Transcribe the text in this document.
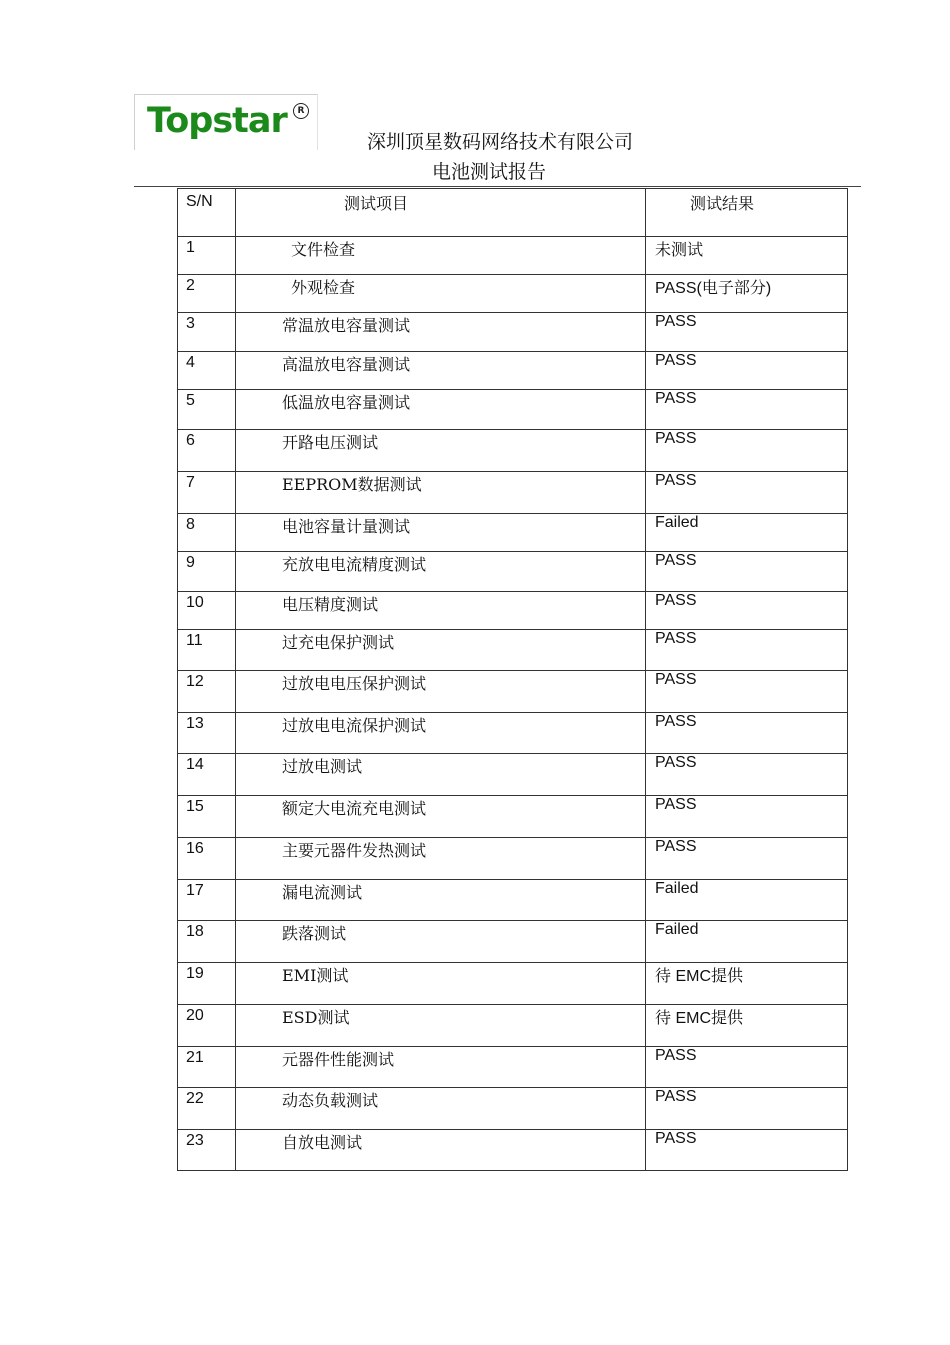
Topstar	R
深圳顶星数码网络技术有限公司
电池测试报告
S/N	测试项目	测试结果
1	文件检查	未测试
2	外观检查	PASS(电子部分)
3	常温放电容量测试	PASS
4	高温放电容量测试	PASS
5	低温放电容量测试	PASS
6	开路电压测试	PASS
7	EEPROM数据测试	PASS
8	电池容量计量测试	Failed
9	充放电电流精度测试	PASS
10	电压精度测试	PASS
11	过充电保护测试	PASS
12	过放电电压保护测试	PASS
13	过放电电流保护测试	PASS
14	过放电测试	PASS
15	额定大电流充电测试	PASS
16	主要元器件发热测试	PASS
17	漏电流测试	Failed
18	跌落测试	Failed
19	EMI测试	待 EMC提供
20	ESD测试	待 EMC提供
21	元器件性能测试	PASS
22	动态负载测试	PASS
23	自放电测试	PASS
